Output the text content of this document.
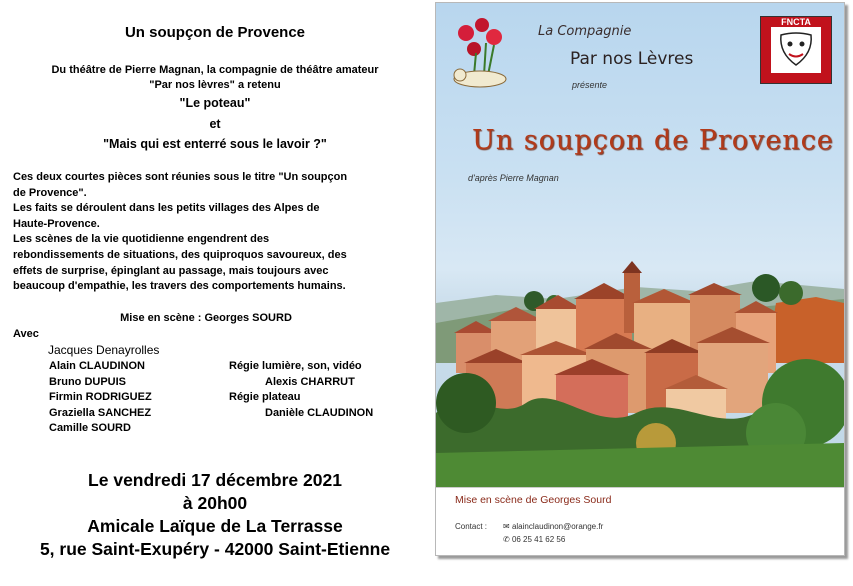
Un soupçon de Provence
Du théâtre de Pierre Magnan, la compagnie de théâtre amateur
"Par nos lèvres" a retenu
"Le poteau"
et
"Mais qui est enterré sous le lavoir ?"
Ces deux courtes pièces sont réunies sous le titre "Un soupçon
de Provence".
Les faits se déroulent dans les petits villages des Alpes de
Haute-Provence.
Les scènes de la vie quotidienne engendrent des
rebondissements de situations, des quiproquos savoureux, des
effets de surprise, épinglant au passage, mais toujours avec
beaucoup d'empathie, les travers des comportements humains.
Mise en scène : Georges SOURD
Avec
Jacques Denayrolles
Alain CLAUDINON
Bruno DUPUIS
Firmin RODRIGUEZ
Graziella SANCHEZ
Camille SOURD
Régie lumière, son, vidéo
Alexis CHARRUT
Régie plateau
Danièle CLAUDINON
Le vendredi 17 décembre 2021
à 20h00
Amicale Laïque de La Terrasse
5, rue Saint-Exupéry - 42000 Saint-Etienne
La Compagnie
Par nos Lèvres
présente
Un soupçon de Provence
d'après Pierre Magnan
FNCTA
Mise en scène de Georges Sourd
Contact : ✉ alainclaudinon@orange.fr
✆ 06 25 41 62 56
